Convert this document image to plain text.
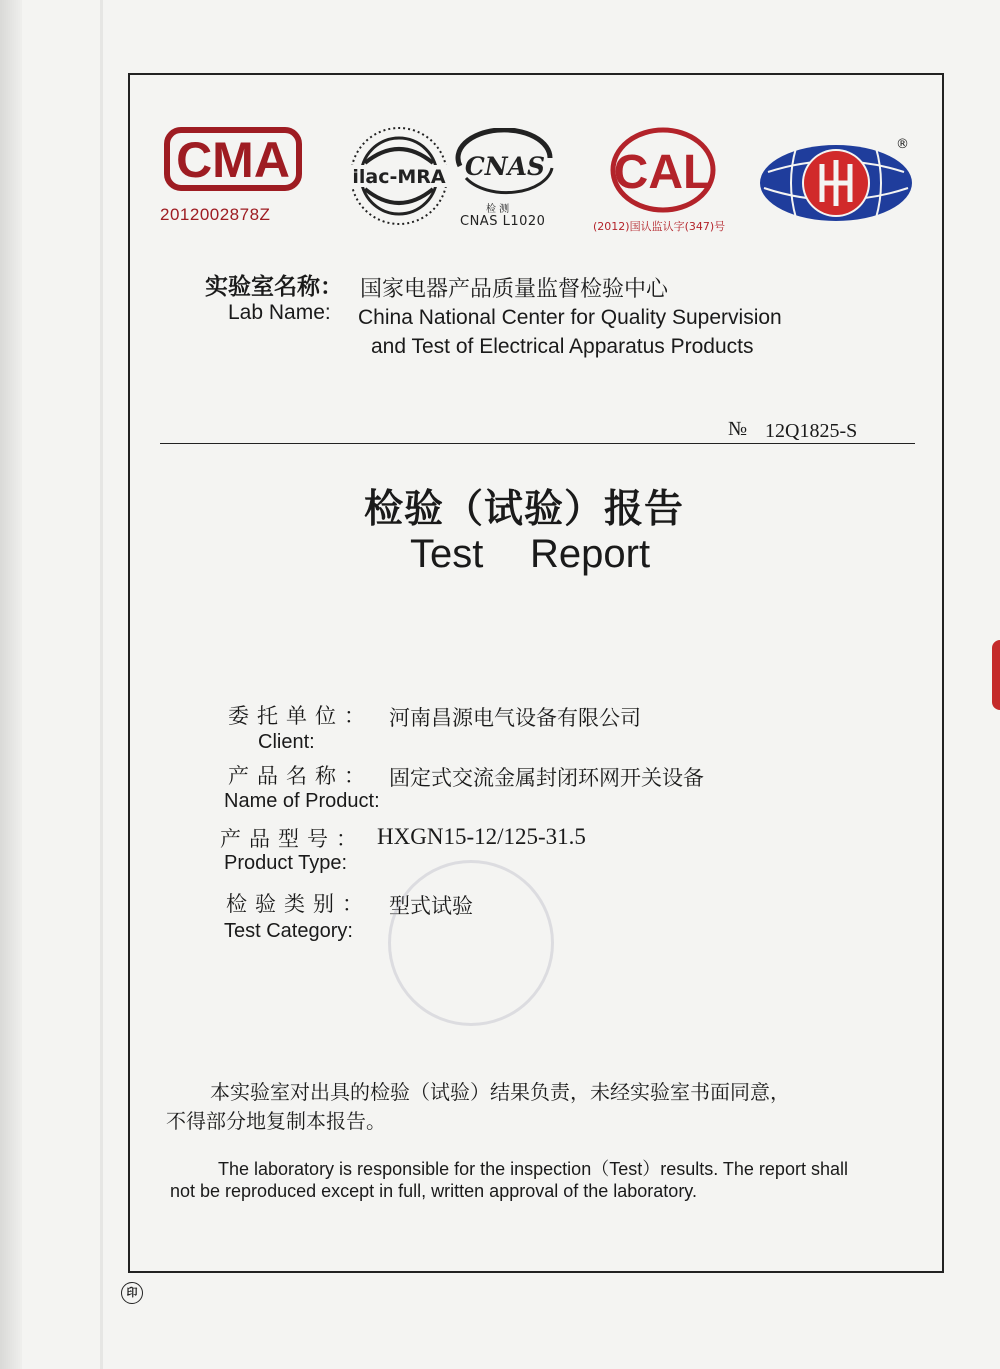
CMA
2012002878Z
ilac-MRA CNAS
检 测
CNAS L1020
CAL
(2012)国认监认字(347)号
®
实验室名称： 国家电器产品质量监督检验中心
Lab Name: China National Center for Quality Supervision
and Test of Electrical Apparatus Products
№ 12Q1825-S
检验（试验）报告
Test Report
委托单位： 河南昌源电气设备有限公司
Client:
产品名称： 固定式交流金属封闭环网开关设备
Name of Product:
产品型号： HXGN15-12/125-31.5
Product Type:
检验类别： 型式试验
Test Category:
本实验室对出具的检验（试验）结果负责，未经实验室书面同意，
不得部分地复制本报告。
The laboratory is responsible for the inspection（Test）results. The report shall
not be reproduced except in full, written approval of the laboratory.
印
